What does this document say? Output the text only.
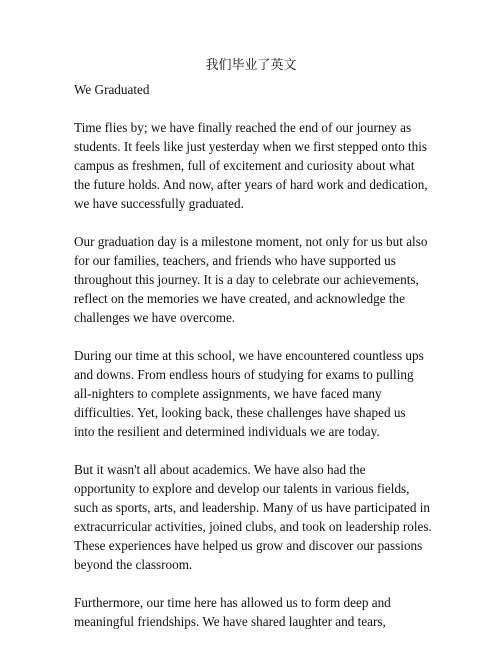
我们毕业了英文
We Graduated
Time flies by; we have finally reached the end of our journey as
students. It feels like just yesterday when we first stepped onto this
campus as freshmen, full of excitement and curiosity about what
the future holds. And now, after years of hard work and dedication,
we have successfully graduated.
Our graduation day is a milestone moment, not only for us but also
for our families, teachers, and friends who have supported us
throughout this journey. It is a day to celebrate our achievements,
reflect on the memories we have created, and acknowledge the
challenges we have overcome.
During our time at this school, we have encountered countless ups
and downs. From endless hours of studying for exams to pulling
all-nighters to complete assignments, we have faced many
difficulties. Yet, looking back, these challenges have shaped us
into the resilient and determined individuals we are today.
But it wasn't all about academics. We have also had the
opportunity to explore and develop our talents in various fields,
such as sports, arts, and leadership. Many of us have participated in
extracurricular activities, joined clubs, and took on leadership roles.
These experiences have helped us grow and discover our passions
beyond the classroom.
Furthermore, our time here has allowed us to form deep and
meaningful friendships. We have shared laughter and tears,
